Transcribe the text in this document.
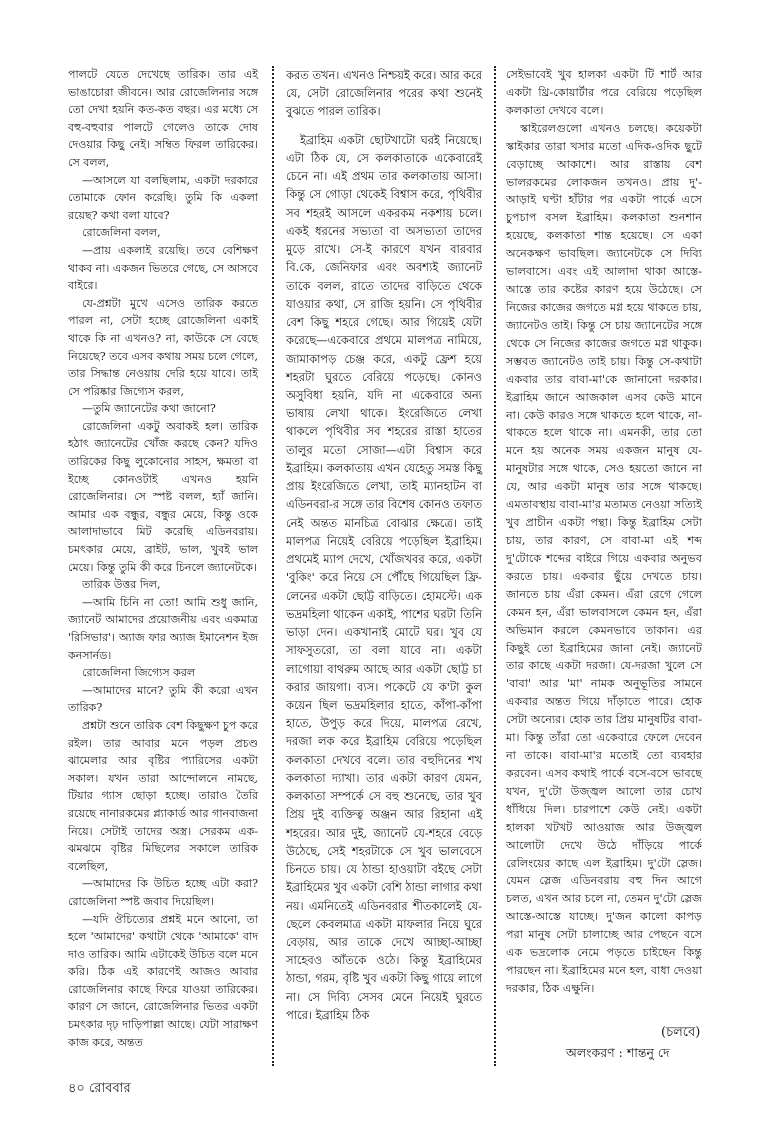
পালটে যেতে দেখেছে তারিক। তার এই ভাঙাচোরা জীবনে। আর রোজেলিনার সঙ্গে তো দেখা হয়নি কত-কত বছর। এর মধ্যে সে বহু-বহুবার পালটে গেলেও তাকে দোষ দেওয়ার কিছু নেই। সম্বিত ফিরল তারিকের। সে বলল,

—আসলে যা বলছিলাম, একটা দরকারে তোমাকে ফোন করেছি। তুমি কি একলা রয়েছ? কথা বলা যাবে?

রোজেলিনা বলল,

—প্রায় একলাই রয়েছি। তবে বেশিক্ষণ থাকব না। একজন ভিতরে গেছে, সে আসবে বাইরে।

যে-প্রশ্নটা মুখে এসেও তারিক করতে পারল না, সেটা হচ্ছে রোজেলিনা একাই থাকে কি না এখনও? না, কাউকে সে বেছে নিয়েছে? তবে এসব কথায় সময় চলে গেলে, তার সিদ্ধান্ত নেওয়ায় দেরি হয়ে যাবে। তাই সে পরিষ্কার জিগ্যেস করল,

—তুমি জ্যানেটের কথা জানো?

রোজেলিনা একটু অবাকই হল। তারিক হঠাৎ জ্যানেটের খোঁজ করছে কেন? যদিও তারিকের কিছু লুকোনোর সাহস, ক্ষমতা বা ইচ্ছে কোনওটাই এখনও হয়নি রোজেলিনার। সে স্পষ্ট বলল, হ্যাঁ জানি। আমার এক বন্ধুর, বন্ধুর মেয়ে, কিন্তু ওকে আলাদাভাবে মিট করেছি এডিনবরায়। চমৎকার মেয়ে, ব্রাইট, ভাল, খুবই ভাল মেয়ে। কিন্তু তুমি কী করে চিনলে জ্যানেটকে।

তারিক উত্তর দিল,

—আমি চিনি না তো! আমি শুধু জানি, জ্যানেট আমাদের প্রয়োজনীয় এবং একমাত্র 'রিসিভার'। অ্যাজ ফার অ্যাজ ইমানেশন ইজ কনসার্নড।

রোজেলিনা জিগ্যেস করল

—আমাদের মানে? তুমি কী করো এখন তারিক?

প্রশ্নটা শুনে তারিক বেশ কিছুক্ষণ চুপ করে রইল। তার আবার মনে পড়ল প্রচণ্ড ঝামেলার আর বৃষ্টির প্যারিসের একটা সকাল। যখন তারা আন্দোলনে নামছে, টিয়ার গ্যাস ছোড়া হচ্ছে। তারাও তৈরি রয়েছে নানারকমের প্ল্যাকার্ড আর গানবাজনা নিয়ে। সেটাই তাদের অস্ত্র। সেরকম এক-ঝমঝমে বৃষ্টির মিছিলের সকালে তারিক বলেছিল,

—আমাদের কি উচিত হচ্ছে এটা করা? রোজেলিনা স্পষ্ট জবাব দিয়েছিল।

—যদি ঔচিত্যের প্রশ্নই মনে আনো, তা হলে 'আমাদের' কথাটা থেকে 'আমাকে' বাদ দাও তারিক। আমি এটাকেই উচিত বলে মনে করি। ঠিক এই কারণেই আজও আবার রোজেলিনার কাছে ফিরে যাওয়া তারিকের। কারণ সে জানে, রোজেলিনার ভিতর একটা চমৎকার দৃঢ় দাড়িপাল্লা আছে। যেটা সারাক্ষণ কাজ করে, অন্তত

করত তখন। এখনও নিশ্চয়ই করে। আর করে যে, সেটা রোজেলিনার পরের কথা শুনেই বুঝতে পারল তারিক।

ইব্রাহিম একটা ছোটখাটো ঘরই নিয়েছে। এটা ঠিক যে, সে কলকাতাকে একেবারেই চেনে না। এই প্রথম তার কলকাতায় আসা। কিন্তু সে গোড়া থেকেই বিশ্বাস করে, পৃথিবীর সব শহরই আসলে একরকম নকশায় চলে। একই ধরনের সভ্যতা বা অসভ্যতা তাদের মুড়ে রাখে। সে-ই কারণে যখন বারবার বি.কে, জেনিফার এবং অবশ্যই জ্যানেট তাকে বলল, রাতে তাদের বাড়িতে থেকে যাওয়ার কথা, সে রাজি হয়নি। সে পৃথিবীর বেশ কিছু শহরে গেছে। আর গিয়েই যেটা করেছে—একেবারে প্রথমে মালপত্র নামিয়ে, জামাকাপড় চেঞ্জ করে, একটু ফ্রেশ হয়ে শহরটা ঘুরতে বেরিয়ে পড়েছে। কোনও অসুবিধা হয়নি, যদি না একেবারে অন্য ভাষায় লেখা থাকে। ইংরেজিতে লেখা থাকলে পৃথিবীর সব শহরের রাস্তা হাতের তালুর মতো সোজা—এটা বিশ্বাস করে ইব্রাহিম। কলকাতায় এখন যেহেতু সমস্ত কিছু প্রায় ইংরেজিতে লেখা, তাই ম্যানহাটন বা এডিনবরা-র সঙ্গে তার বিশেষ কোনও তফাত নেই অন্তত মানচিত্র বোঝার ক্ষেত্রে। তাই মালপত্র নিয়েই বেরিয়ে পড়েছিল ইব্রাহিম। প্রথমেই ম্যাপ দেখে, খোঁজখবর করে, একটা 'বুকিং' করে নিয়ে সে পৌঁছে গিয়েছিল ফ্রি-লেনের একটা ছোট্ট বাড়িতে। হোমস্টে। এক ভদ্রমহিলা থাকেন একাই, পাশের ঘরটা তিনি ভাড়া দেন। একখানাই মোটে ঘর। খুব যে সাফসুতরো, তা বলা যাবে না। একটা লাগোয়া বাথরুম আছে আর একটা ছোট্ট চা করার জায়গা। ব্যস। পকেটে যে ক'টা কুল কয়েন ছিল ভদ্রমহিলার হাতে, কাঁপা-কাঁপা হাতে, উপুড় করে দিয়ে, মালপত্র রেখে, দরজা লক করে ইব্রাহিম বেরিয়ে পড়েছিল কলকাতা দেখবে বলে। তার বহুদিনের শখ কলকাতা দ্যাখা। তার একটা কারণ যেমন, কলকাতা সম্পর্কে সে বহু শুনেছে, তার খুব প্রিয় দুই ব্যক্তিত্ব অঞ্জন আর রিহানা এই শহরের। আর দুই, জ্যানেট যে-শহরে বেড়ে উঠেছে, সেই শহরটাকে সে খুব ভালবেসে চিনতে চায়। যে ঠান্ডা হাওয়াটা বইছে সেটা ইব্রাহিমের খুব একটা বেশি ঠান্ডা লাগার কথা নয়। এমনিতেই এডিনবরার শীতকালেই যে-ছেলে কেবলমাত্র একটা মাফলার নিয়ে ঘুরে বেড়ায়, আর তাকে দেখে আচ্ছা-আচ্ছা সাহেবও আঁতকে ওঠে। কিন্তু ইব্রাহিমের ঠান্ডা, গরম, বৃষ্টি খুব একটা কিছু গায়ে লাগে না। সে দিব্যি সেসব মেনে নিয়েই ঘুরতে পারে। ইব্রাহিম ঠিক

সেইভাবেই খুব হালকা একটা টি শার্ট আর একটা থ্রি-কোয়ার্টার পরে বেরিয়ে পড়েছিল কলকাতা দেখবে বলে।

স্কাইরেলগুলো এখনও চলছে। কয়েকটা স্কাইকার তারা খসার মতো এদিক-ওদিক ছুটে বেড়াচ্ছে আকাশে। আর রাস্তায় বেশ ভালরকমের লোকজন তখনও। প্রায় দু'-আড়াই ঘণ্টা হাঁটার পর একটা পার্কে এসে চুপচাপ বসল ইব্রাহিম। কলকাতা শুনশান হয়েছে, কলকাতা শান্ত হয়েছে। সে একা অনেকক্ষণ ভাবছিল। জ্যানেটকে সে দিব্যি ভালবাসে। এবং এই আলাদা থাকা আস্তে-আস্তে তার কষ্টের কারণ হয়ে উঠেছে। সে নিজের কাজের জগতে মগ্ন হয়ে থাকতে চায়, জ্যানেটও তাই। কিন্তু সে চায় জ্যানেটের সঙ্গে থেকে সে নিজের কাজের জগতে মগ্ন থাকুক। সম্ভবত জ্যানেটও তাই চায়। কিন্তু সে-কথাটা একবার তার বাবা-মা'কে জানানো দরকার। ইব্রাহিম জানে আজকাল এসব কেউ মানে না। কেউ কারও সঙ্গে থাকতে হলে থাকে, না-থাকতে হলে থাকে না। এমনকী, তার তো মনে হয় অনেক সময় একজন মানুষ যে-মানুষটার সঙ্গে থাকে, সেও হয়তো জানে না যে, আর একটা মানুষ তার সঙ্গে থাকছে। এমতাবস্থায় বাবা-মা'র মতামত নেওয়া সত্যিই খুব প্রাচীন একটা পন্থা। কিন্তু ইব্রাহিম সেটা চায়, তার কারণ, সে বাবা-মা এই শব্দ দু'টোকে শব্দের বাইরে গিয়ে একবার অনুভব করতে চায়। একবার ছুঁয়ে দেখতে চায়। জানতে চায় এঁরা কেমন। এঁরা রেগে গেলে কেমন হন, এঁরা ভালবাসলে কেমন হন, এঁরা অভিমান করলে কেমনভাবে তাকান। এর কিছুই তো ইব্রাহিমের জানা নেই। জ্যানেট তার কাছে একটা দরজা। যে-দরজা খুলে সে 'বাবা' আর 'মা' নামক অনুভূতির সামনে একবার অন্তত গিয়ে দাঁড়াতে পারে। হোক সেটা অন্যের। হোক তার প্রিয় মানুষটির বাবা-মা। কিন্তু তাঁরা তো একেবারে ফেলে দেবেন না তাকে। বাবা-মা'র মতোই তো ব্যবহার করবেন। এসব কথাই পার্কে বসে-বসে ভাবছে যখন, দু'টো উজ্জ্বল আলো তার চোখ ধাঁধিয়ে দিল। চারপাশে কেউ নেই। একটা হালকা খটখট আওয়াজ আর উজ্জ্বল আলোটা দেখে উঠে দাঁড়িয়ে পার্কে রেলিংয়ের কাছে এল ইব্রাহিম। দু'টো স্লেজ। যেমন স্লেজ এডিনবরায় বহু দিন আগে চলত, এখন আর চলে না, তেমন দু'টো স্লেজ আস্তে-আস্তে যাচ্ছে। দু'জন কালো কাপড় পরা মানুষ সেটা চালাচ্ছে আর পেছনে বসে এক ভদ্রলোক নেমে পড়তে চাইছেন কিন্তু পারছেন না। ইব্রাহিমের মনে হল, বাধা দেওয়া দরকার, ঠিক এক্ষুনি।

(চলবে)
অলংকরণ : শান্তনু দে
৪০ রোববার
